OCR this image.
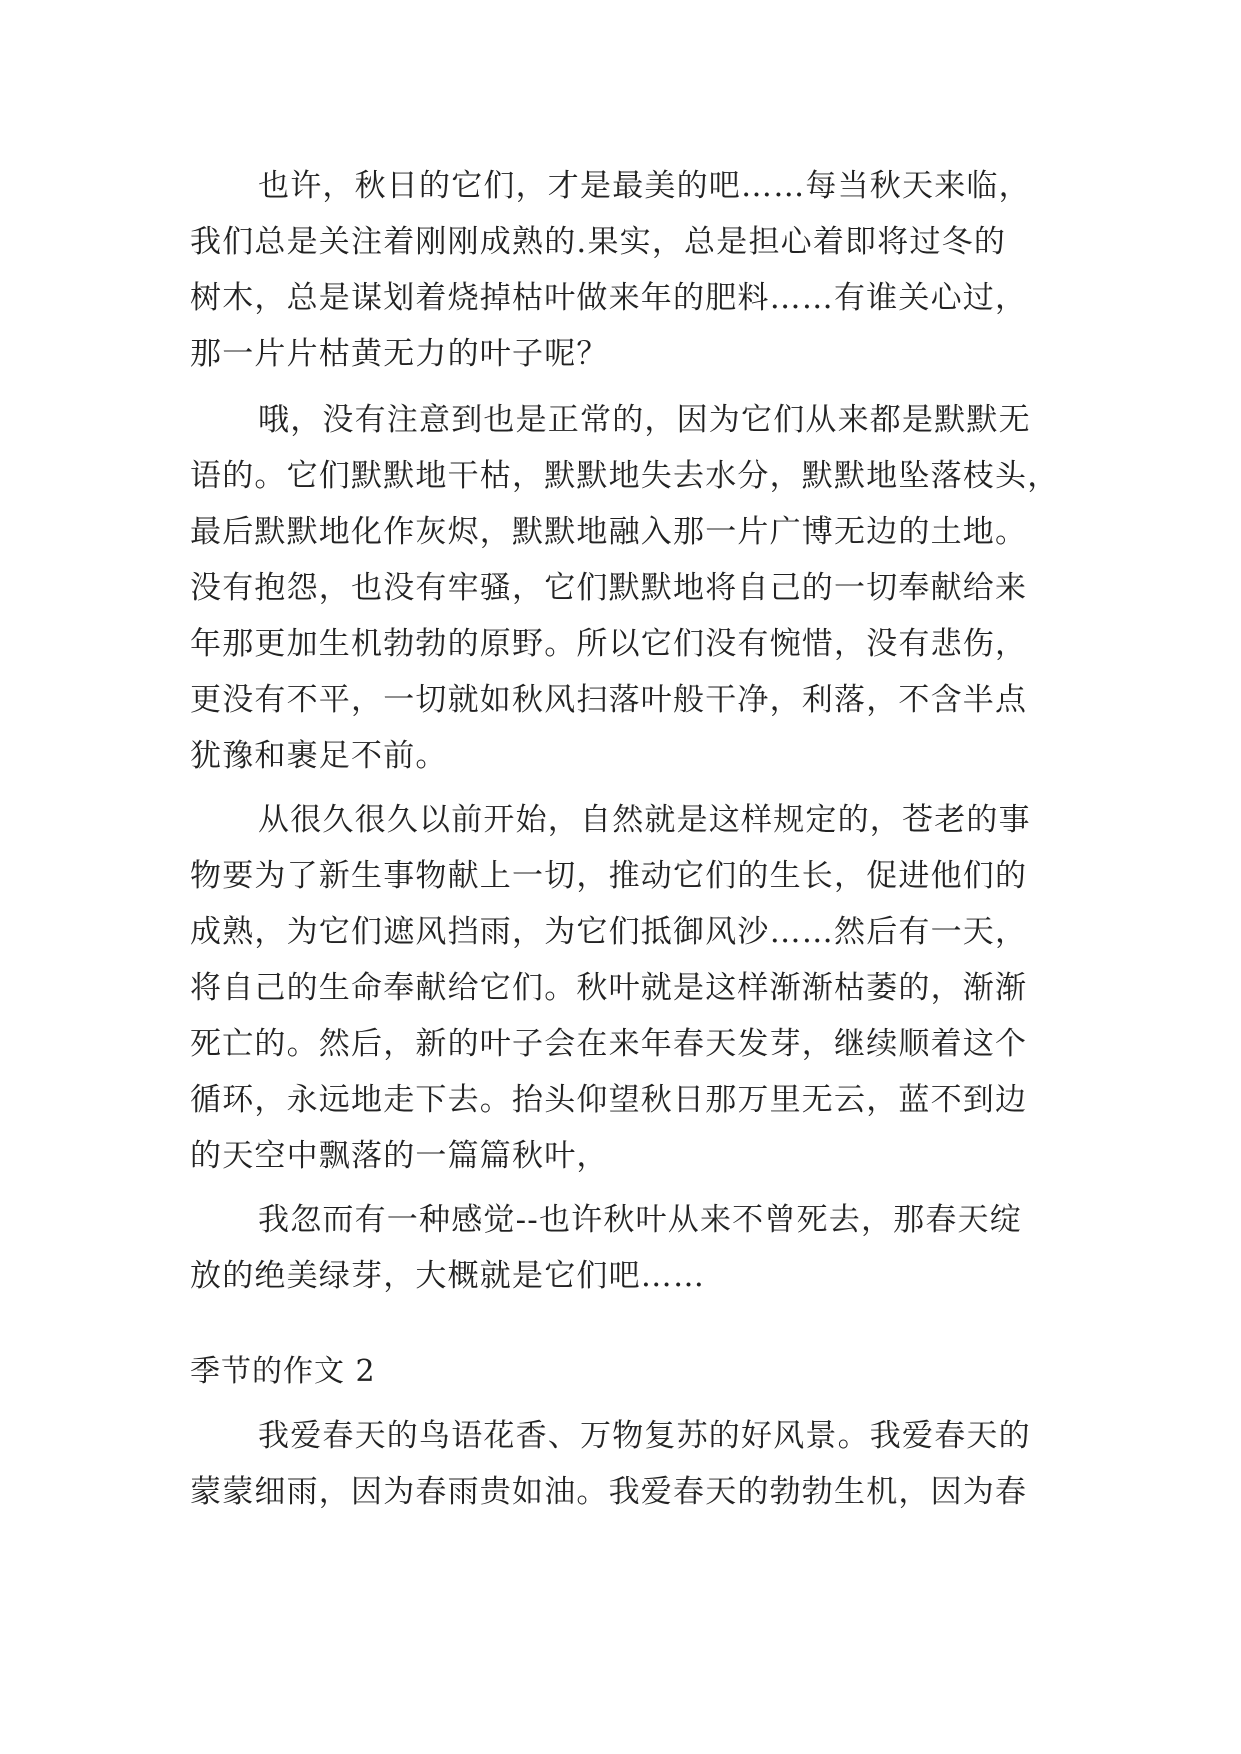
也许，秋日的它们，才是最美的吧……每当秋天来临，

我们总是关注着刚刚成熟的.果实，总是担心着即将过冬的

树木，总是谋划着烧掉枯叶做来年的肥料……有谁关心过，

那一片片枯黄无力的叶子呢？

哦，没有注意到也是正常的，因为它们从来都是默默无

语的。它们默默地干枯，默默地失去水分，默默地坠落枝头，

最后默默地化作灰烬，默默地融入那一片广博无边的土地。

没有抱怨，也没有牢骚，它们默默地将自己的一切奉献给来

年那更加生机勃勃的原野。所以它们没有惋惜，没有悲伤，

更没有不平，一切就如秋风扫落叶般干净，利落，不含半点

犹豫和裹足不前。

从很久很久以前开始，自然就是这样规定的，苍老的事

物要为了新生事物献上一切，推动它们的生长，促进他们的

成熟，为它们遮风挡雨，为它们抵御风沙……然后有一天，

将自己的生命奉献给它们。秋叶就是这样渐渐枯萎的，渐渐

死亡的。然后，新的叶子会在来年春天发芽，继续顺着这个

循环，永远地走下去。抬头仰望秋日那万里无云，蓝不到边

的天空中飘落的一篇篇秋叶，

我忽而有一种感觉--也许秋叶从来不曾死去，那春天绽

放的绝美绿芽，大概就是它们吧……

季节的作文 2

我爱春天的鸟语花香、万物复苏的好风景。我爱春天的

蒙蒙细雨，因为春雨贵如油。我爱春天的勃勃生机，因为春
